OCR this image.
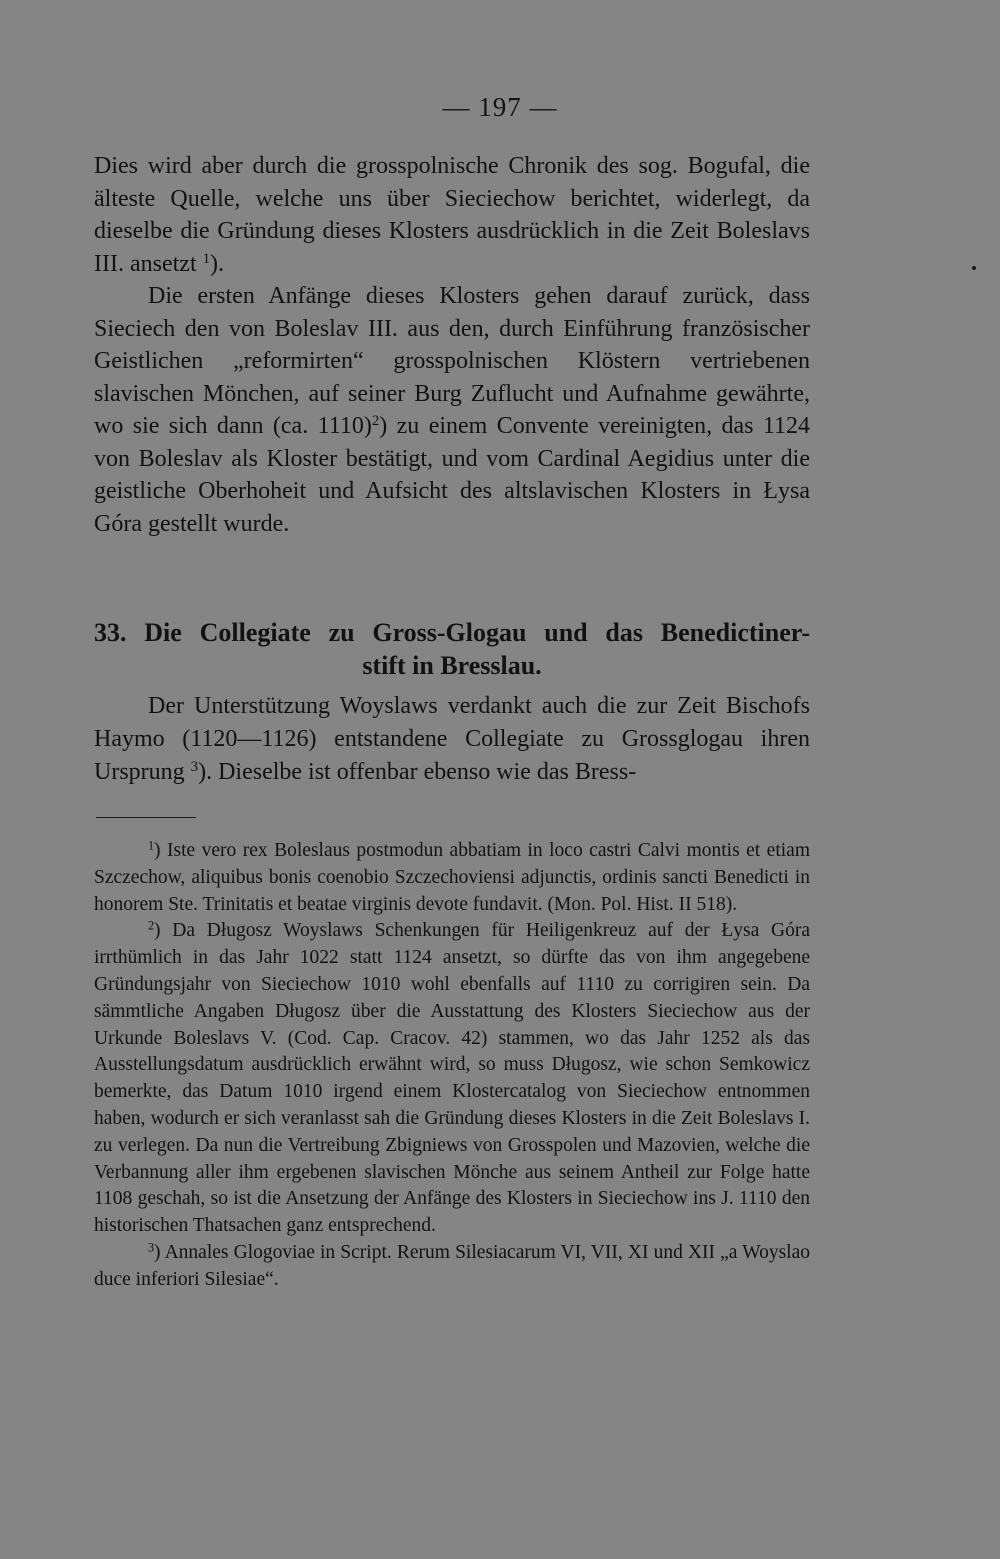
— 197 —

Dies wird aber durch die grosspolnische Chronik des sog. Bogufal, die älteste Quelle, welche uns über Sieciechow berichtet, widerlegt, da dieselbe die Gründung dieses Klosters ausdrücklich in die Zeit Boleslavs III. ansetzt $^1$).

Die ersten Anfänge dieses Klosters gehen darauf zurück, dass Sieciech den von Boleslav III. aus den, durch Einführung französischer Geistlichen „reformirten“ grosspolnischen Klöstern vertriebenen slavischen Mönchen, auf seiner Burg Zuflucht und Aufnahme gewährte, wo sie sich dann (ca. 1110)$^2$) zu einem Convente vereinigten, das 1124 von Boleslav als Kloster bestätigt, und vom Cardinal Aegidius unter die geistliche Oberhoheit und Aufsicht des altslavischen Klosters in Łysa Góra gestellt wurde.

33. Die Collegiate zu Gross-Glogau und das Benedictiner-
stift in Bresslau.

Der Unterstützung Woyslaws verdankt auch die zur Zeit Bischofs Haymo (1120—1126) entstandene Collegiate zu Grossglogau ihren Ursprung $^3$). Dieselbe ist offenbar ebenso wie das Bress-

$^1$) Iste vero rex Boleslaus postmodun abbatiam in loco castri Calvi montis et etiam Szczechow, aliquibus bonis coenobio Szczechoviensi adjunctis, ordinis sancti Benedicti in honorem Ste. Trinitatis et beatae virginis devote fundavit. (Mon. Pol. Hist. II 518).

$^2$) Da Długosz Woyslaws Schenkungen für Heiligenkreuz auf der Łysa Góra irrthümlich in das Jahr 1022 statt 1124 ansetzt, so dürfte das von ihm angegebene Gründungsjahr von Sieciechow 1010 wohl ebenfalls auf 1110 zu corrigiren sein. Da sämmtliche Angaben Długosz über die Ausstattung des Klosters Sieciechow aus der Urkunde Boleslavs V. (Cod. Cap. Cracov. 42) stammen, wo das Jahr 1252 als das Ausstellungsdatum ausdrücklich erwähnt wird, so muss Długosz, wie schon Semkowicz bemerkte, das Datum 1010 irgend einem Klostercatalog von Sieciechow entnommen haben, wodurch er sich veranlasst sah die Gründung dieses Klosters in die Zeit Boleslavs I. zu verlegen. Da nun die Vertreibung Zbigniews von Grosspolen und Mazovien, welche die Verbannung aller ihm ergebenen slavischen Mönche aus seinem Antheil zur Folge hatte 1108 geschah, so ist die Ansetzung der Anfänge des Klosters in Sieciechow ins J. 1110 den historischen Thatsachen ganz entsprechend.

$^3$) Annales Glogoviae in Script. Rerum Silesiacarum VI, VII, XI und XII „a Woyslao duce inferiori Silesiae“.
